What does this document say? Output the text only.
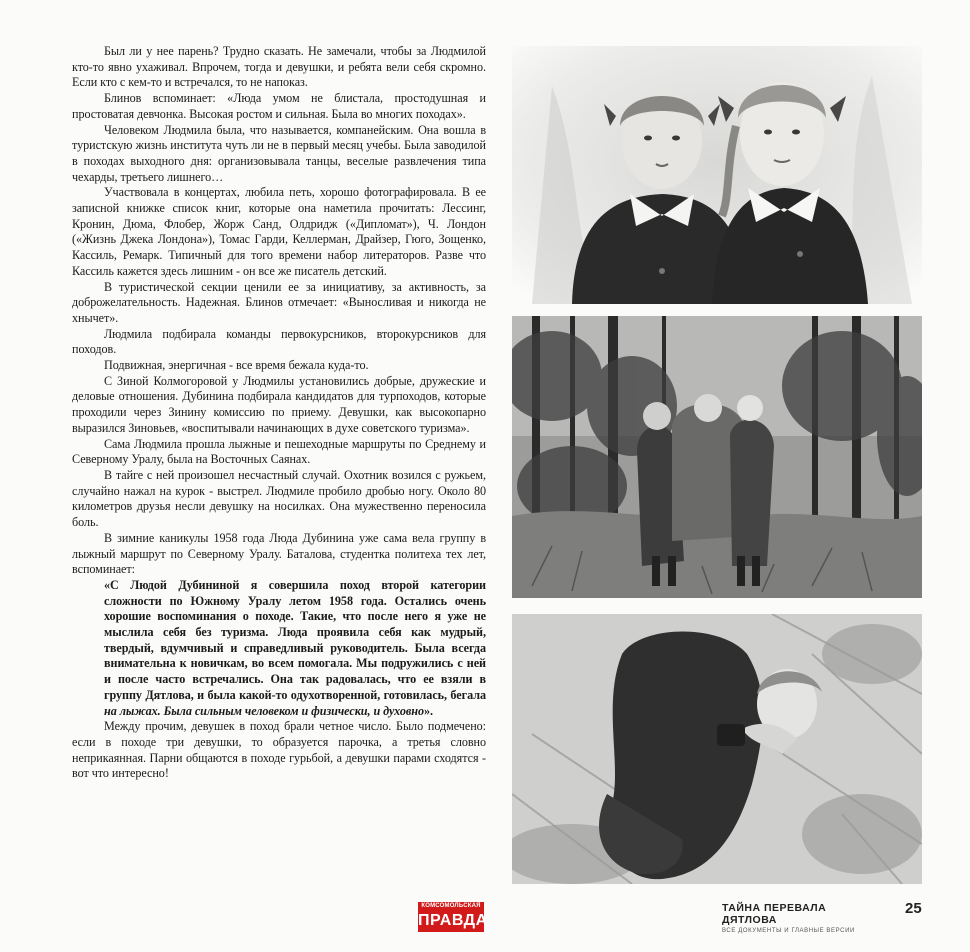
Был ли у нее парень? Трудно сказать. Не замечали, чтобы за Людмилой кто-то явно ухаживал. Впрочем, тогда и девушки, и ребята вели себя скромно. Если кто с кем-то и встречался, то не напоказ.

Блинов вспоминает: «Люда умом не блистала, простодушная и простоватая девчонка. Высокая ростом и сильная. Была во многих походах».

Человеком Людмила была, что называется, компанейским. Она вошла в туристскую жизнь института чуть ли не в первый месяц учебы. Была заводилой в походах выходного дня: организовывала танцы, веселые развлечения типа чехарды, третьего лишнего…

Участвовала в концертах, любила петь, хорошо фотографировала. В ее записной книжке список книг, которые она наметила прочитать: Лессинг, Кронин, Дюма, Флобер, Жорж Санд, Олдридж («Дипломат»), Ч. Лондон («Жизнь Джека Лондона»), Томас Гарди, Келлерман, Драйзер, Гюго, Зощенко, Кассиль, Ремарк. Типичный для того времени набор литераторов. Разве что Кассиль кажется здесь лишним - он все же писатель детский.

В туристической секции ценили ее за инициативу, за активность, за доброжелательность. Надежная. Блинов отмечает: «Выносливая и никогда не хнычет».

Людмила подбирала команды первокурсников, второкурсников для походов.

Подвижная, энергичная - все время бежала куда-то.

С Зиной Колмогоровой у Людмилы установились добрые, дружеские и деловые отношения. Дубинина подбирала кандидатов для турпоходов, которые проходили через Зинину комиссию по приему. Девушки, как высокопарно выразился Зиновьев, «воспитывали начинающих в духе советского туризма».

Сама Людмила прошла лыжные и пешеходные маршруты по Среднему и Северному Уралу, была на Восточных Саянах.

В тайге с ней произошел несчастный случай. Охотник возился с ружьем, случайно нажал на курок - выстрел. Людмиле пробило дробью ногу. Около 80 километров друзья несли девушку на носилках. Она мужественно переносила боль.

В зимние каникулы 1958 года Люда Дубинина уже сама вела группу в лыжный маршрут по Северному Уралу. Баталова, студентка политеха тех лет, вспоминает:

«С Людой Дубининой я совершила поход второй категории сложности по Южному Уралу летом 1958 года. Остались очень хорошие воспоминания о походе. Такие, что после него я уже не мыслила себя без туризма. Люда проявила себя как мудрый, твердый, вдумчивый и справедливый руководитель. Была всегда внимательна к новичкам, во всем помогала. Мы подружились с ней и после часто встречались. Она так радовалась, что ее взяли в группу Дятлова, и была какой-то одухотворенной, готовилась, бегала на лыжах. Была сильным человеком и физически, и духовно».

Между прочим, девушек в поход брали четное число. Было подмечено: если в походе три девушки, то образуется парочка, а третья словно неприкаянная. Парни общаются в походе гурьбой, а девушки парами сходятся - вот что интересно!

КОМСОМОЛЬСКАЯ
ПРАВДА
ТАЙНА ПЕРЕВАЛА ДЯТЛОВА
ВСЕ ДОКУМЕНТЫ И ГЛАВНЫЕ ВЕРСИИ
25
